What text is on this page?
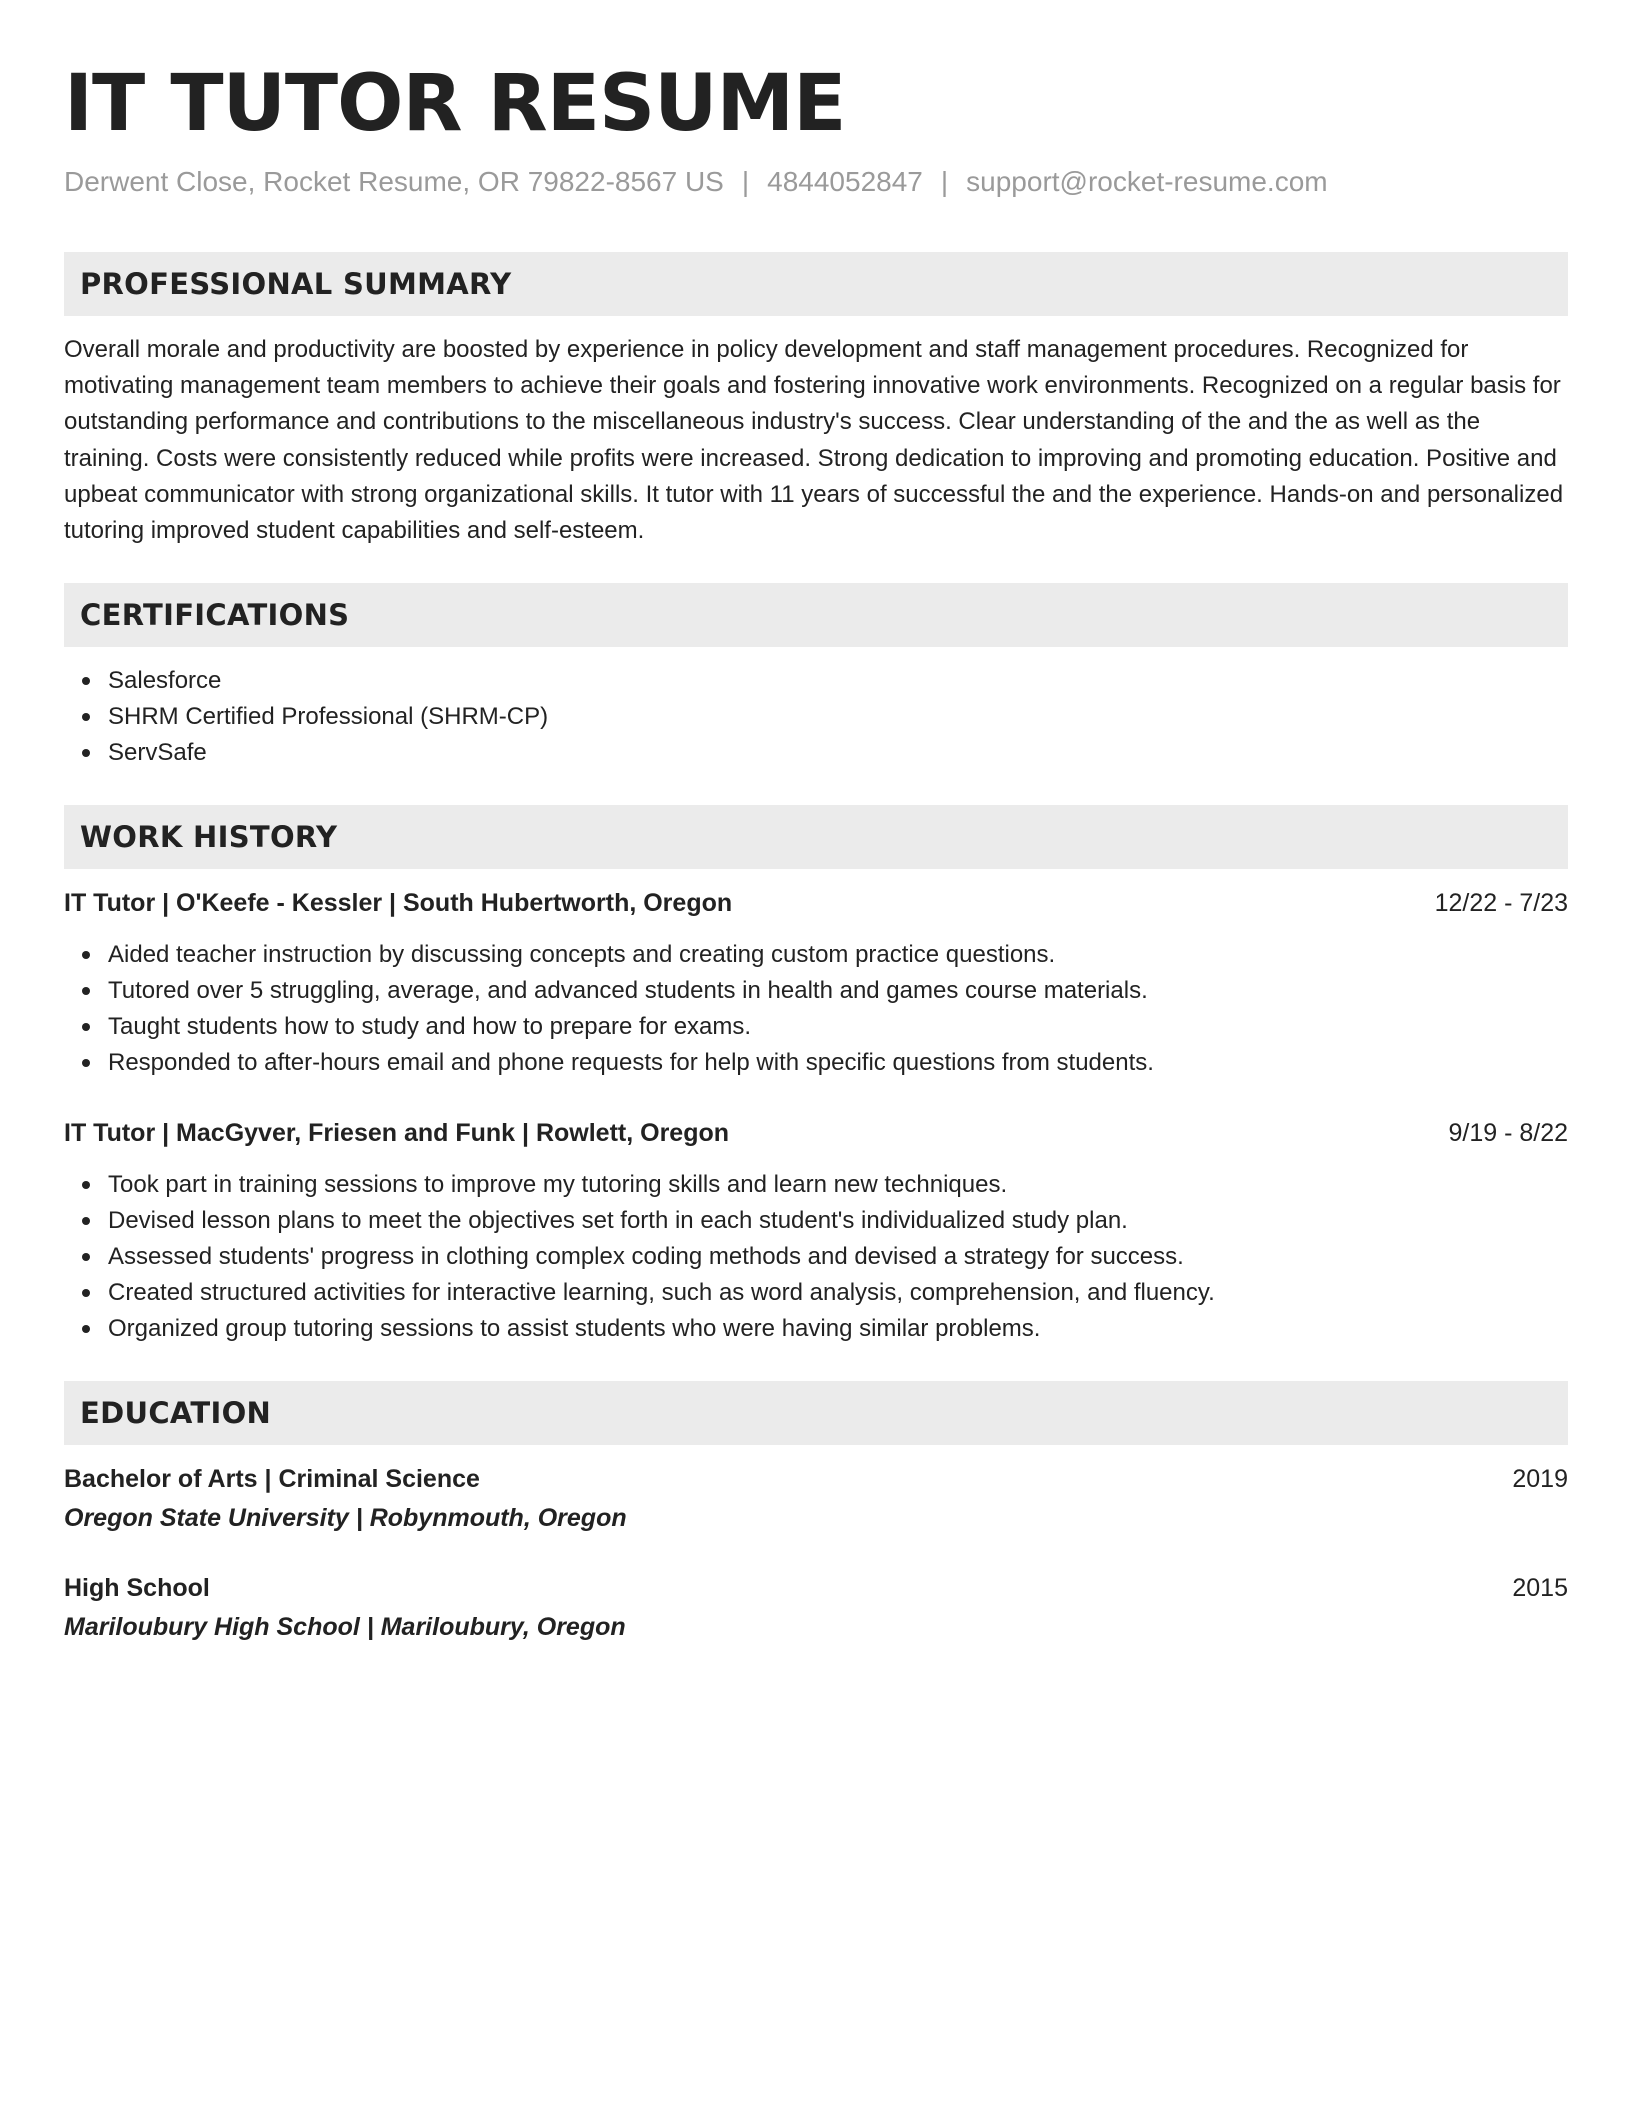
IT TUTOR RESUME
Derwent Close, Rocket Resume, OR 79822-8567 US | 4844052847 | support@rocket-resume.com
PROFESSIONAL SUMMARY

Overall morale and productivity are boosted by experience in policy development and staff management procedures. Recognized for motivating management team members to achieve their goals and fostering innovative work environments. Recognized on a regular basis for outstanding performance and contributions to the miscellaneous industry's success. Clear understanding of the and the as well as the training. Costs were consistently reduced while profits were increased. Strong dedication to improving and promoting education. Positive and upbeat communicator with strong organizational skills. It tutor with 11 years of successful the and the experience. Hands-on and personalized tutoring improved student capabilities and self-esteem.

CERTIFICATIONS
Salesforce
SHRM Certified Professional (SHRM-CP)
ServSafe
WORK HISTORY
IT Tutor | O'Keefe - Kessler | South Hubertworth, Oregon	12/22 - 7/23
Aided teacher instruction by discussing concepts and creating custom practice questions.
Tutored over 5 struggling, average, and advanced students in health and games course materials.
Taught students how to study and how to prepare for exams.
Responded to after-hours email and phone requests for help with specific questions from students.
IT Tutor | MacGyver, Friesen and Funk | Rowlett, Oregon	9/19 - 8/22
Took part in training sessions to improve my tutoring skills and learn new techniques.
Devised lesson plans to meet the objectives set forth in each student's individualized study plan.
Assessed students' progress in clothing complex coding methods and devised a strategy for success.
Created structured activities for interactive learning, such as word analysis, comprehension, and fluency.
Organized group tutoring sessions to assist students who were having similar problems.
EDUCATION
Bachelor of Arts | Criminal Science	2019
Oregon State University | Robynmouth, Oregon
High School	2015
Mariloubury High School | Mariloubury, Oregon
